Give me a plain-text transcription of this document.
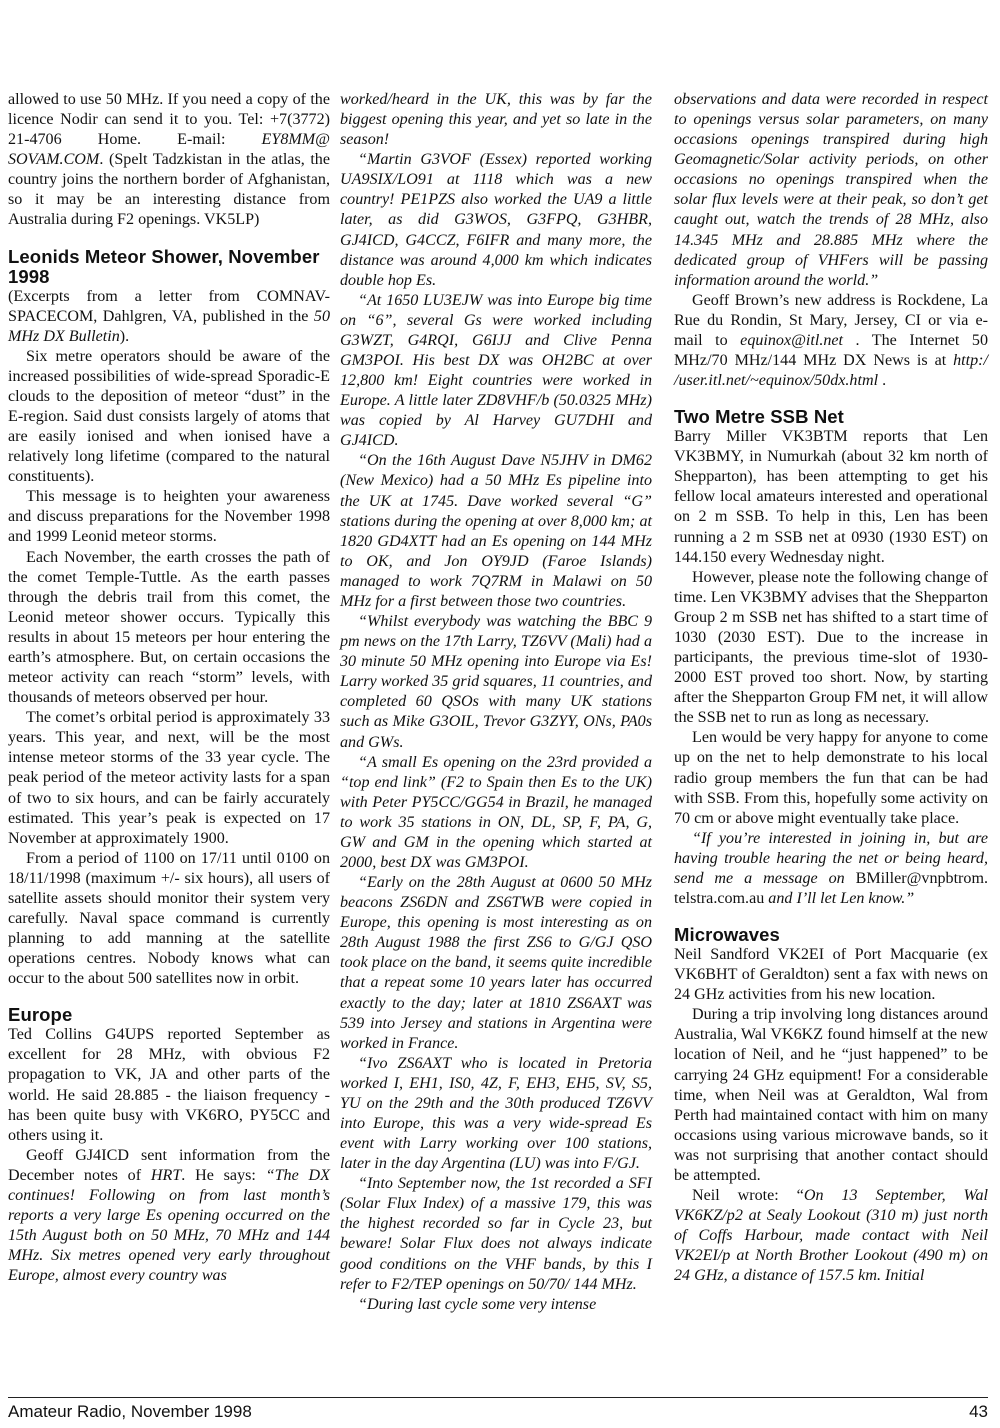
allowed to use 50 MHz. If you need a copy of the licence Nodir can send it to you. Tel: +7(3772) 21-4706 Home. E-mail: EY8MM@ SOVAM.COM. (Spelt Tadzkistan in the atlas, the country joins the northern border of Afghanistan, so it may be an interesting distance from Australia during F2 openings. VK5LP)

Leonids Meteor Shower, November 1998

(Excerpts from a letter from COMNAV-SPACECOM, Dahlgren, VA, published in the 50 MHz DX Bulletin).

Six metre operators should be aware of the increased possibilities of wide-spread Sporadic-E clouds to the deposition of meteor “dust” in the E-region. Said dust consists largely of atoms that are easily ionised and when ionised have a relatively long lifetime (compared to the natural constituents).

This message is to heighten your awareness and discuss preparations for the November 1998 and 1999 Leonid meteor storms.

Each November, the earth crosses the path of the comet Temple-Tuttle. As the earth passes through the debris trail from this comet, the Leonid meteor shower occurs. Typically this results in about 15 meteors per hour entering the earth’s atmosphere. But, on certain occasions the meteor activity can reach “storm” levels, with thousands of meteors observed per hour.

The comet’s orbital period is approximately 33 years. This year, and next, will be the most intense meteor storms of the 33 year cycle. The peak period of the meteor activity lasts for a span of two to six hours, and can be fairly accurately estimated. This year’s peak is expected on 17 November at approximately 1900.

From a period of 1100 on 17/11 until 0100 on 18/11/1998 (maximum +/- six hours), all users of satellite assets should monitor their system very carefully. Naval space command is currently planning to add manning at the satellite operations centres. Nobody knows what can occur to the about 500 satellites now in orbit.

Europe

Ted Collins G4UPS reported September as excellent for 28 MHz, with obvious F2 propagation to VK, JA and other parts of the world. He said 28.885 - the liaison frequency - has been quite busy with VK6RO, PY5CC and others using it.

Geoff GJ4ICD sent information from the December notes of HRT. He says: “The DX continues! Following on from last month’s reports a very large Es opening occurred on the 15th August both on 50 MHz, 70 MHz and 144 MHz. Six metres opened very early throughout Europe, almost every country was

worked/heard in the UK, this was by far the biggest opening this year, and yet so late in the season!

“Martin G3VOF (Essex) reported working UA9SIX/LO91 at 1118 which was a new country! PE1PZS also worked the UA9 a little later, as did G3WOS, G3FPQ, G3HBR, GJ4ICD, G4CCZ, F6IFR and many more, the distance was around 4,000 km which indicates double hop Es.

“At 1650 LU3EJW was into Europe big time on “6”, several Gs were worked including G3WZT, G4RQI, G6IJJ and Clive Penna GM3POI. His best DX was OH2BC at over 12,800 km! Eight countries were worked in Europe. A little later ZD8VHF/b (50.0325 MHz) was copied by Al Harvey GU7DHI and GJ4ICD.

“On the 16th August Dave N5JHV in DM62 (New Mexico) had a 50 MHz Es pipeline into the UK at 1745. Dave worked several “G” stations during the opening at over 8,000 km; at 1820 GD4XTT had an Es opening on 144 MHz to OK, and Jon OY9JD (Faroe Islands) managed to work 7Q7RM in Malawi on 50 MHz for a first between those two countries.

“Whilst everybody was watching the BBC 9 pm news on the 17th Larry, TZ6VV (Mali) had a 30 minute 50 MHz opening into Europe via Es! Larry worked 35 grid squares, 11 countries, and completed 60 QSOs with many UK stations such as Mike G3OIL, Trevor G3ZYY, ONs, PA0s and GWs.

“A small Es opening on the 23rd provided a “top end link” (F2 to Spain then Es to the UK) with Peter PY5CC/GG54 in Brazil, he managed to work 35 stations in ON, DL, SP, F, PA, G, GW and GM in the opening which started at 2000, best DX was GM3POI.

“Early on the 28th August at 0600 50 MHz beacons ZS6DN and ZS6TWB were copied in Europe, this opening is most interesting as on 28th August 1988 the first ZS6 to G/GJ QSO took place on the band, it seems quite incredible that a repeat some 10 years later has occurred exactly to the day; later at 1810 ZS6AXT was 539 into Jersey and stations in Argentina were worked in France.

“Ivo ZS6AXT who is located in Pretoria worked I, EH1, IS0, 4Z, F, EH3, EH5, SV, S5, YU on the 29th and the 30th produced TZ6VV into Europe, this was a very wide-spread Es event with Larry working over 100 stations, later in the day Argentina (LU) was into F/GJ.

“Into September now, the 1st recorded a SFI (Solar Flux Index) of a massive 179, this was the highest recorded so far in Cycle 23, but beware! Solar Flux does not always indicate good conditions on the VHF bands, by this I refer to F2/TEP openings on 50/70/ 144 MHz.

“During last cycle some very intense

observations and data were recorded in respect to openings versus solar parameters, on many occasions openings transpired during high Geomagnetic/Solar activity periods, on other occasions no openings transpired when the solar flux levels were at their peak, so don’t get caught out, watch the trends of 28 MHz, also 14.345 MHz and 28.885 MHz where the dedicated group of VHFers will be passing information around the world.”

Geoff Brown’s new address is Rockdene, La Rue du Rondin, St Mary, Jersey, CI or via e-mail to equinox@itl.net . The Internet 50 MHz/70 MHz/144 MHz DX News is at http:/ /user.itl.net/~equinox/50dx.html .

Two Metre SSB Net

Barry Miller VK3BTM reports that Len VK3BMY, in Numurkah (about 32 km north of Shepparton), has been attempting to get his fellow local amateurs interested and operational on 2 m SSB. To help in this, Len has been running a 2 m SSB net at 0930 (1930 EST) on 144.150 every Wednesday night.

However, please note the following change of time. Len VK3BMY advises that the Shepparton Group 2 m SSB net has shifted to a start time of 1030 (2030 EST). Due to the increase in participants, the previous time-slot of 1930-2000 EST proved too short. Now, by starting after the Shepparton Group FM net, it will allow the SSB net to run as long as necessary.

Len would be very happy for anyone to come up on the net to help demonstrate to his local radio group members the fun that can be had with SSB. From this, hopefully some activity on 70 cm or above might eventually take place.

“If you’re interested in joining in, but are having trouble hearing the net or being heard, send me a message on BMiller@vnpbtrom. telstra.com.au and I’ll let Len know.”

Microwaves

Neil Sandford VK2EI of Port Macquarie (ex VK6BHT of Geraldton) sent a fax with news on 24 GHz activities from his new location.

During a trip involving long distances around Australia, Wal VK6KZ found himself at the new location of Neil, and he “just happened” to be carrying 24 GHz equipment! For a considerable time, when Neil was at Geraldton, Wal from Perth had maintained contact with him on many occasions using various microwave bands, so it was not surprising that another contact should be attempted.

Neil wrote: “On 13 September, Wal VK6KZ/p2 at Sealy Lookout (310 m) just north of Coffs Harbour, made contact with Neil VK2EI/p at North Brother Lookout (490 m) on 24 GHz, a distance of 157.5 km. Initial

Amateur Radio, November 1998	43
